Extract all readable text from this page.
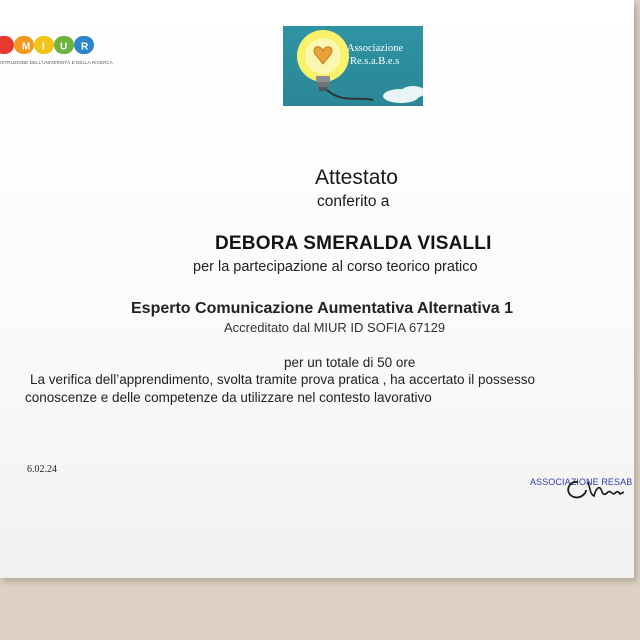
M I U R
ISTRUZIONE DELL'UNIVERSITÀ E DELLA RICERCA
Associazione
Re.s.a.B.e.s
Attestato
conferito a
DEBORA SMERALDA VISALLI
per la partecipazione al corso teorico pratico
Esperto Comunicazione Aumentativa Alternativa 1
Accreditato dal MIUR ID SOFIA 67129
per un totale di 50 ore
La verifica dell’apprendimento, svolta tramite prova pratica , ha accertato il possesso
conoscenze e delle competenze da utilizzare nel contesto lavorativo
6.02.24
ASSOCIAZIONE RESAB
